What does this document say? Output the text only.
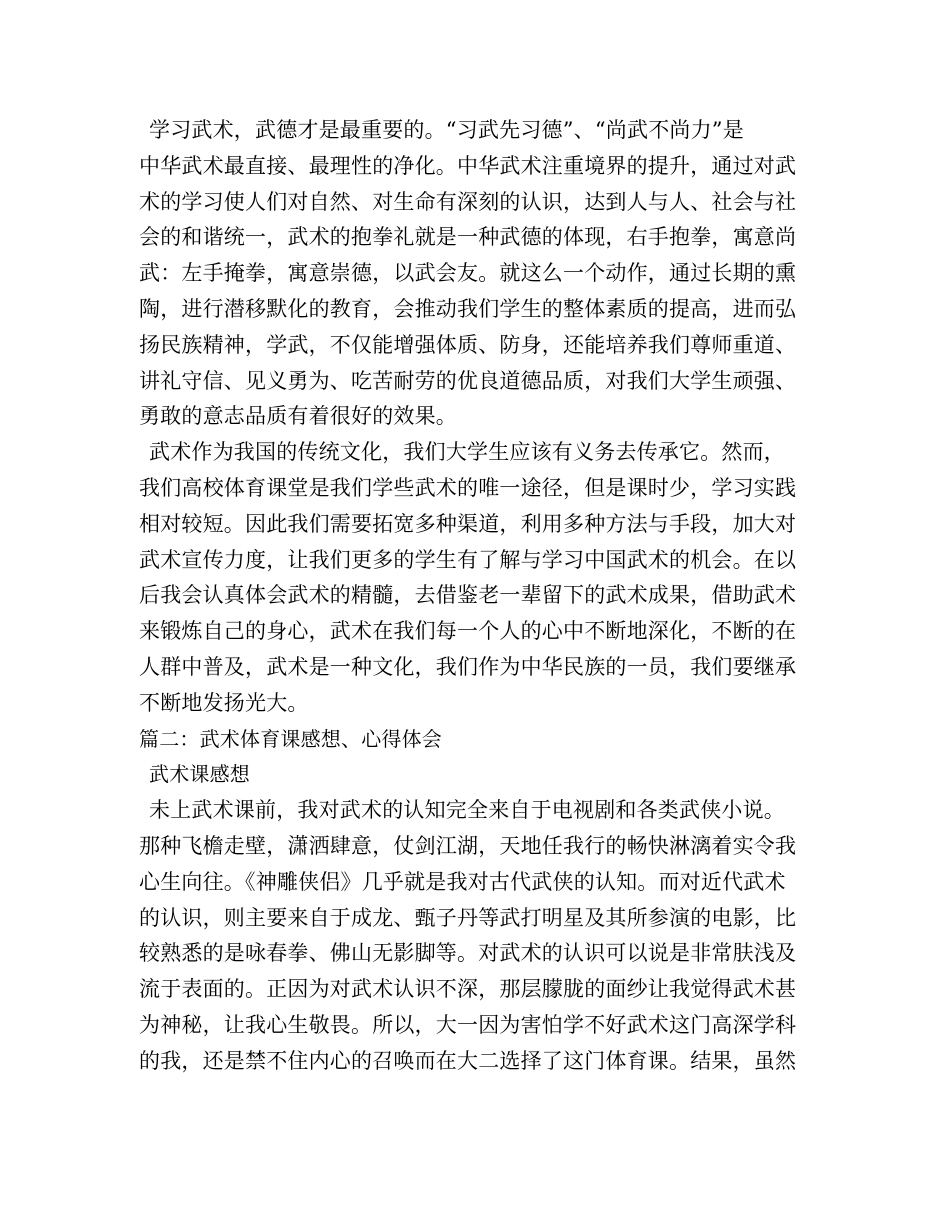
学习武术，武德才是最重要的。“习武先习德”、“尚武不尚力”是
中华武术最直接、最理性的净化。中华武术注重境界的提升，通过对武
术的学习使人们对自然、对生命有深刻的认识，达到人与人、社会与社
会的和谐统一，武术的抱拳礼就是一种武德的体现，右手抱拳，寓意尚
武：左手掩拳，寓意崇德，以武会友。就这么一个动作，通过长期的熏
陶，进行潜移默化的教育，会推动我们学生的整体素质的提高，进而弘
扬民族精神，学武，不仅能增强体质、防身，还能培养我们尊师重道、
讲礼守信、见义勇为、吃苦耐劳的优良道德品质，对我们大学生顽强、
勇敢的意志品质有着很好的效果。
武术作为我国的传统文化，我们大学生应该有义务去传承它。然而，
我们高校体育课堂是我们学些武术的唯一途径，但是课时少，学习实践
相对较短。因此我们需要拓宽多种渠道，利用多种方法与手段，加大对
武术宣传力度，让我们更多的学生有了解与学习中国武术的机会。在以
后我会认真体会武术的精髓，去借鉴老一辈留下的武术成果，借助武术
来锻炼自己的身心，武术在我们每一个人的心中不断地深化，不断的在
人群中普及，武术是一种文化，我们作为中华民族的一员，我们要继承
不断地发扬光大。
篇二：武术体育课感想、心得体会
武术课感想
未上武术课前，我对武术的认知完全来自于电视剧和各类武侠小说。
那种飞檐走壁，潇洒肆意，仗剑江湖，天地任我行的畅快淋漓着实令我
心生向往。《神雕侠侣》几乎就是我对古代武侠的认知。而对近代武术
的认识，则主要来自于成龙、甄子丹等武打明星及其所参演的电影，比
较熟悉的是咏春拳、佛山无影脚等。对武术的认识可以说是非常肤浅及
流于表面的。正因为对武术认识不深，那层朦胧的面纱让我觉得武术甚
为神秘，让我心生敬畏。所以，大一因为害怕学不好武术这门高深学科
的我，还是禁不住内心的召唤而在大二选择了这门体育课。结果，虽然
